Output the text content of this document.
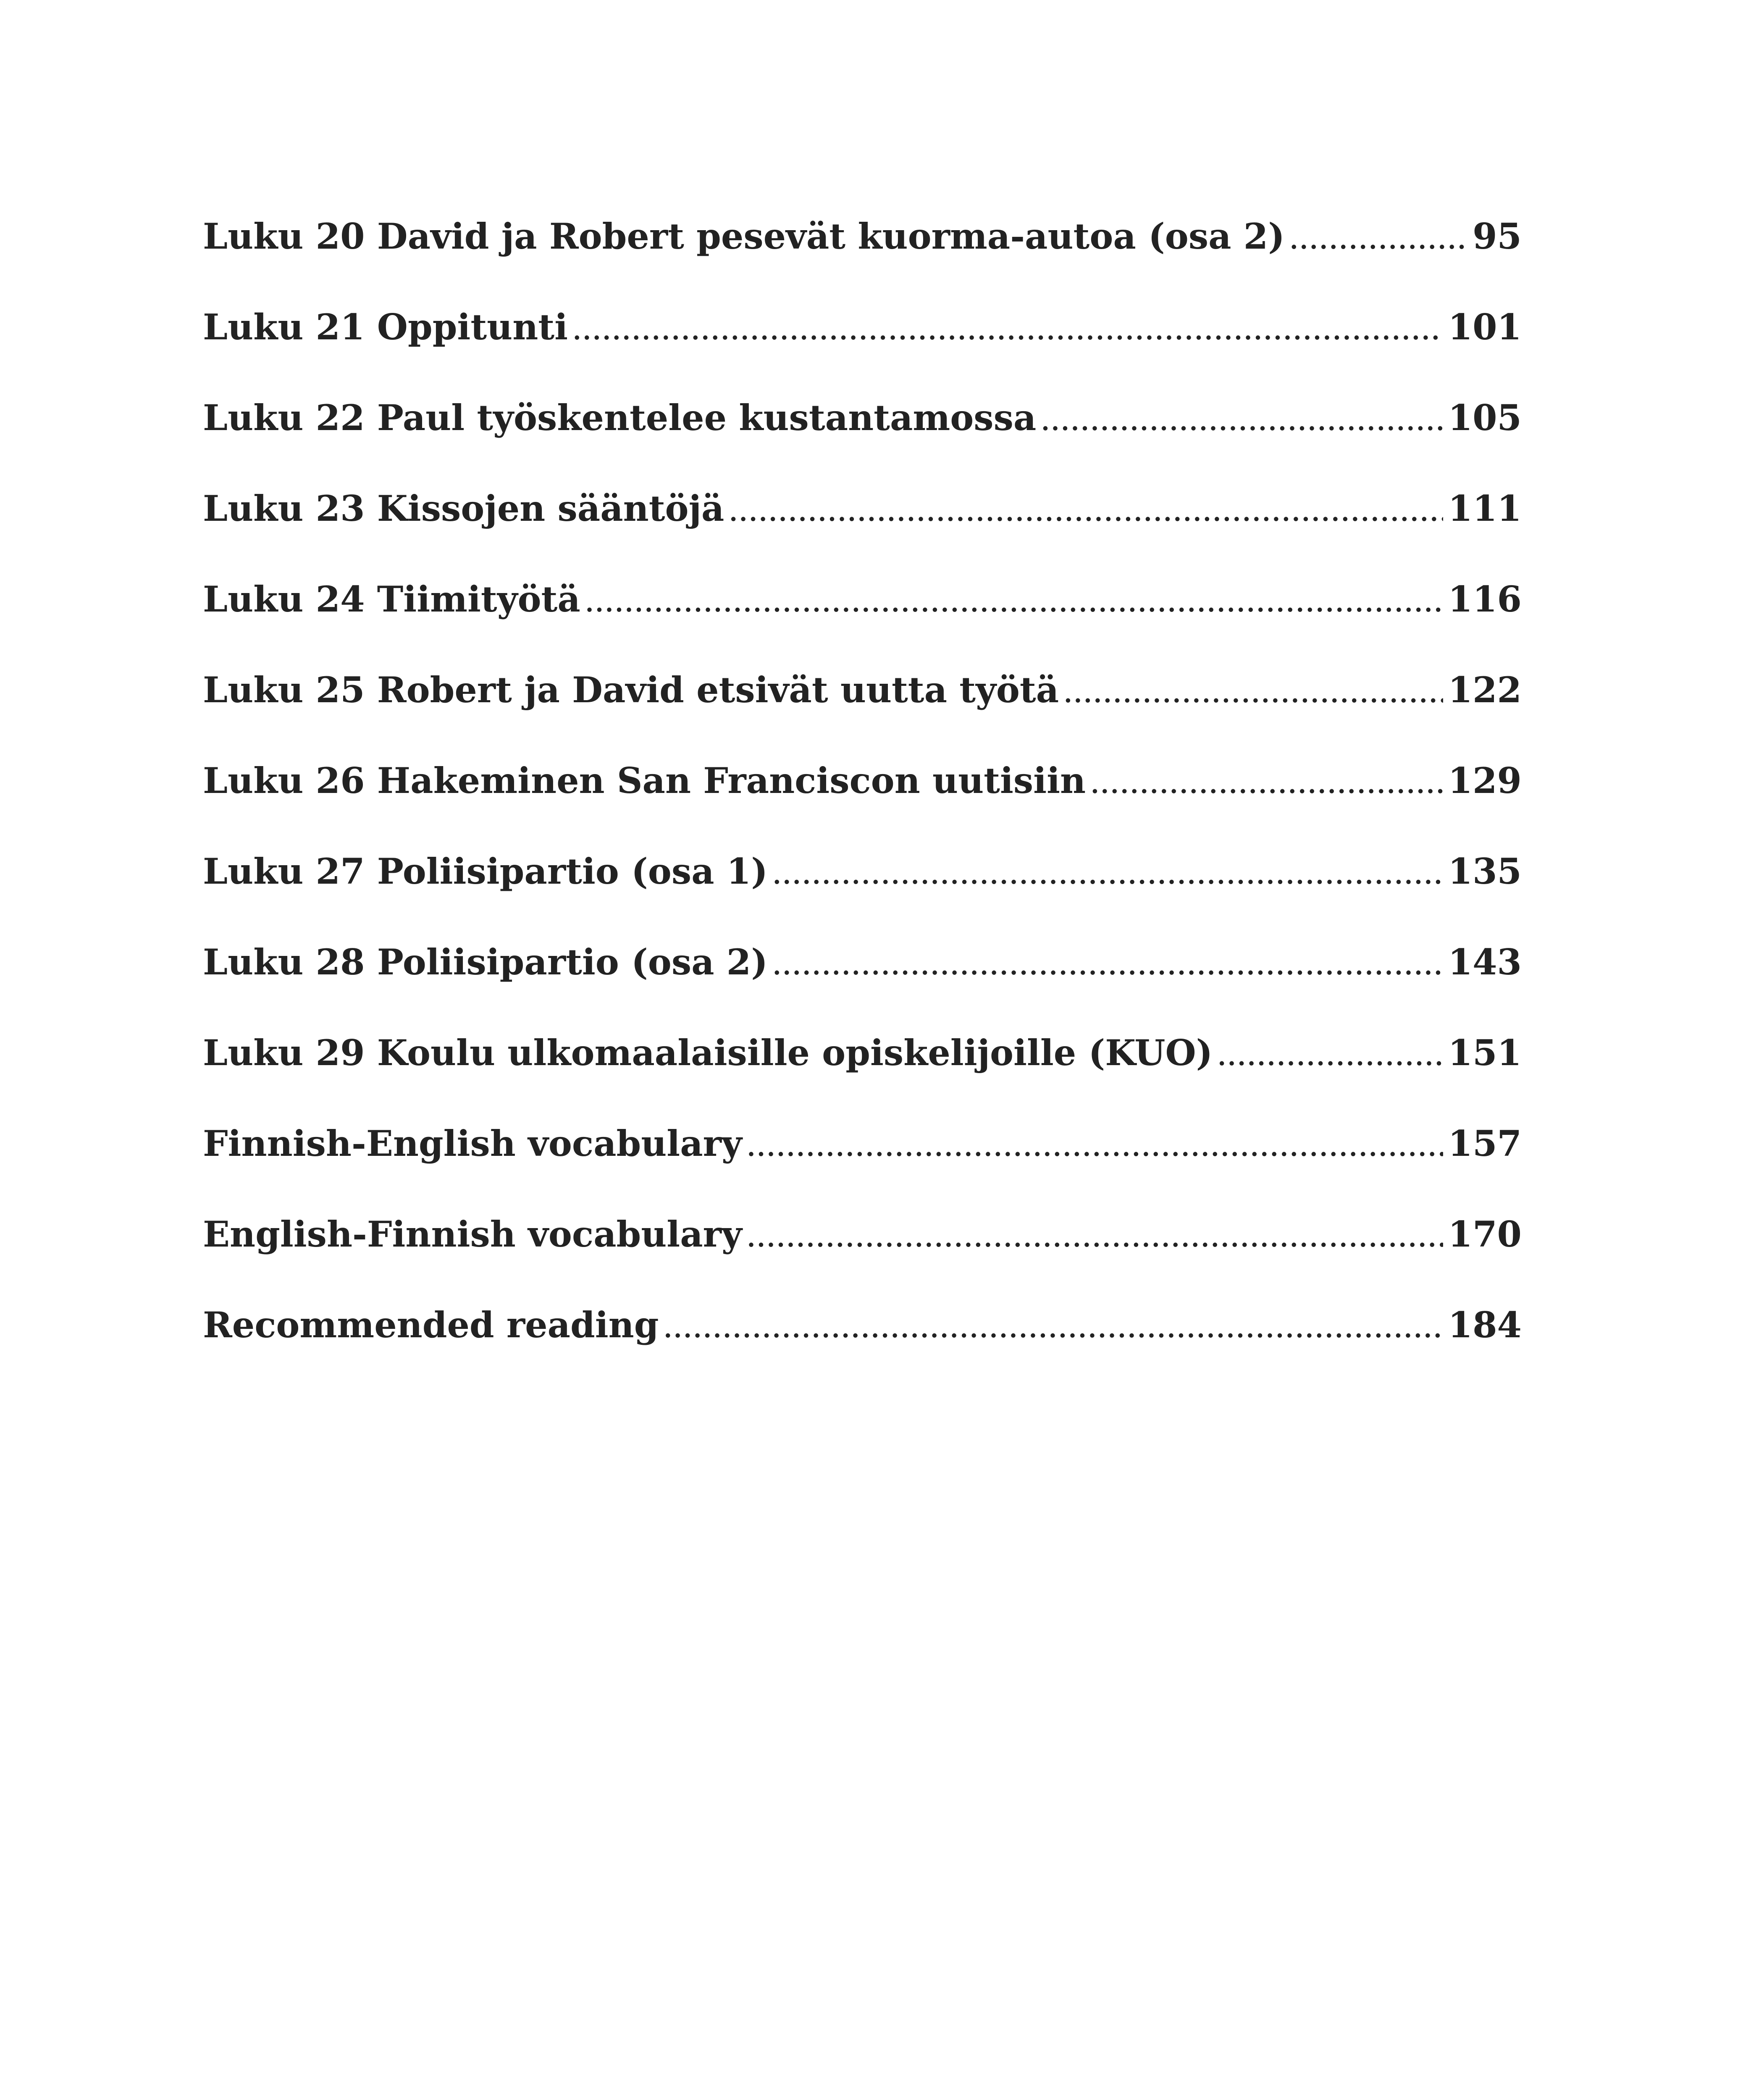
Luku 20 David ja Robert pesevät kuorma-autoa (osa 2) .....	95
Luku 21 Oppitunti .....	101
Luku 22 Paul työskentelee kustantamossa .....	105
Luku 23 Kissojen sääntöjä .....	111
Luku 24 Tiimityötä .....	116
Luku 25 Robert ja David etsivät uutta työtä .....	122
Luku 26 Hakeminen San Franciscon uutisiin .....	129
Luku 27 Poliisipartio (osa 1) .....	135
Luku 28 Poliisipartio (osa 2) .....	143
Luku 29 Koulu ulkomaalaisille opiskelijoille (KUO) .....	151
Finnish-English vocabulary .....	157
English-Finnish vocabulary .....	170
Recommended reading .....	184
